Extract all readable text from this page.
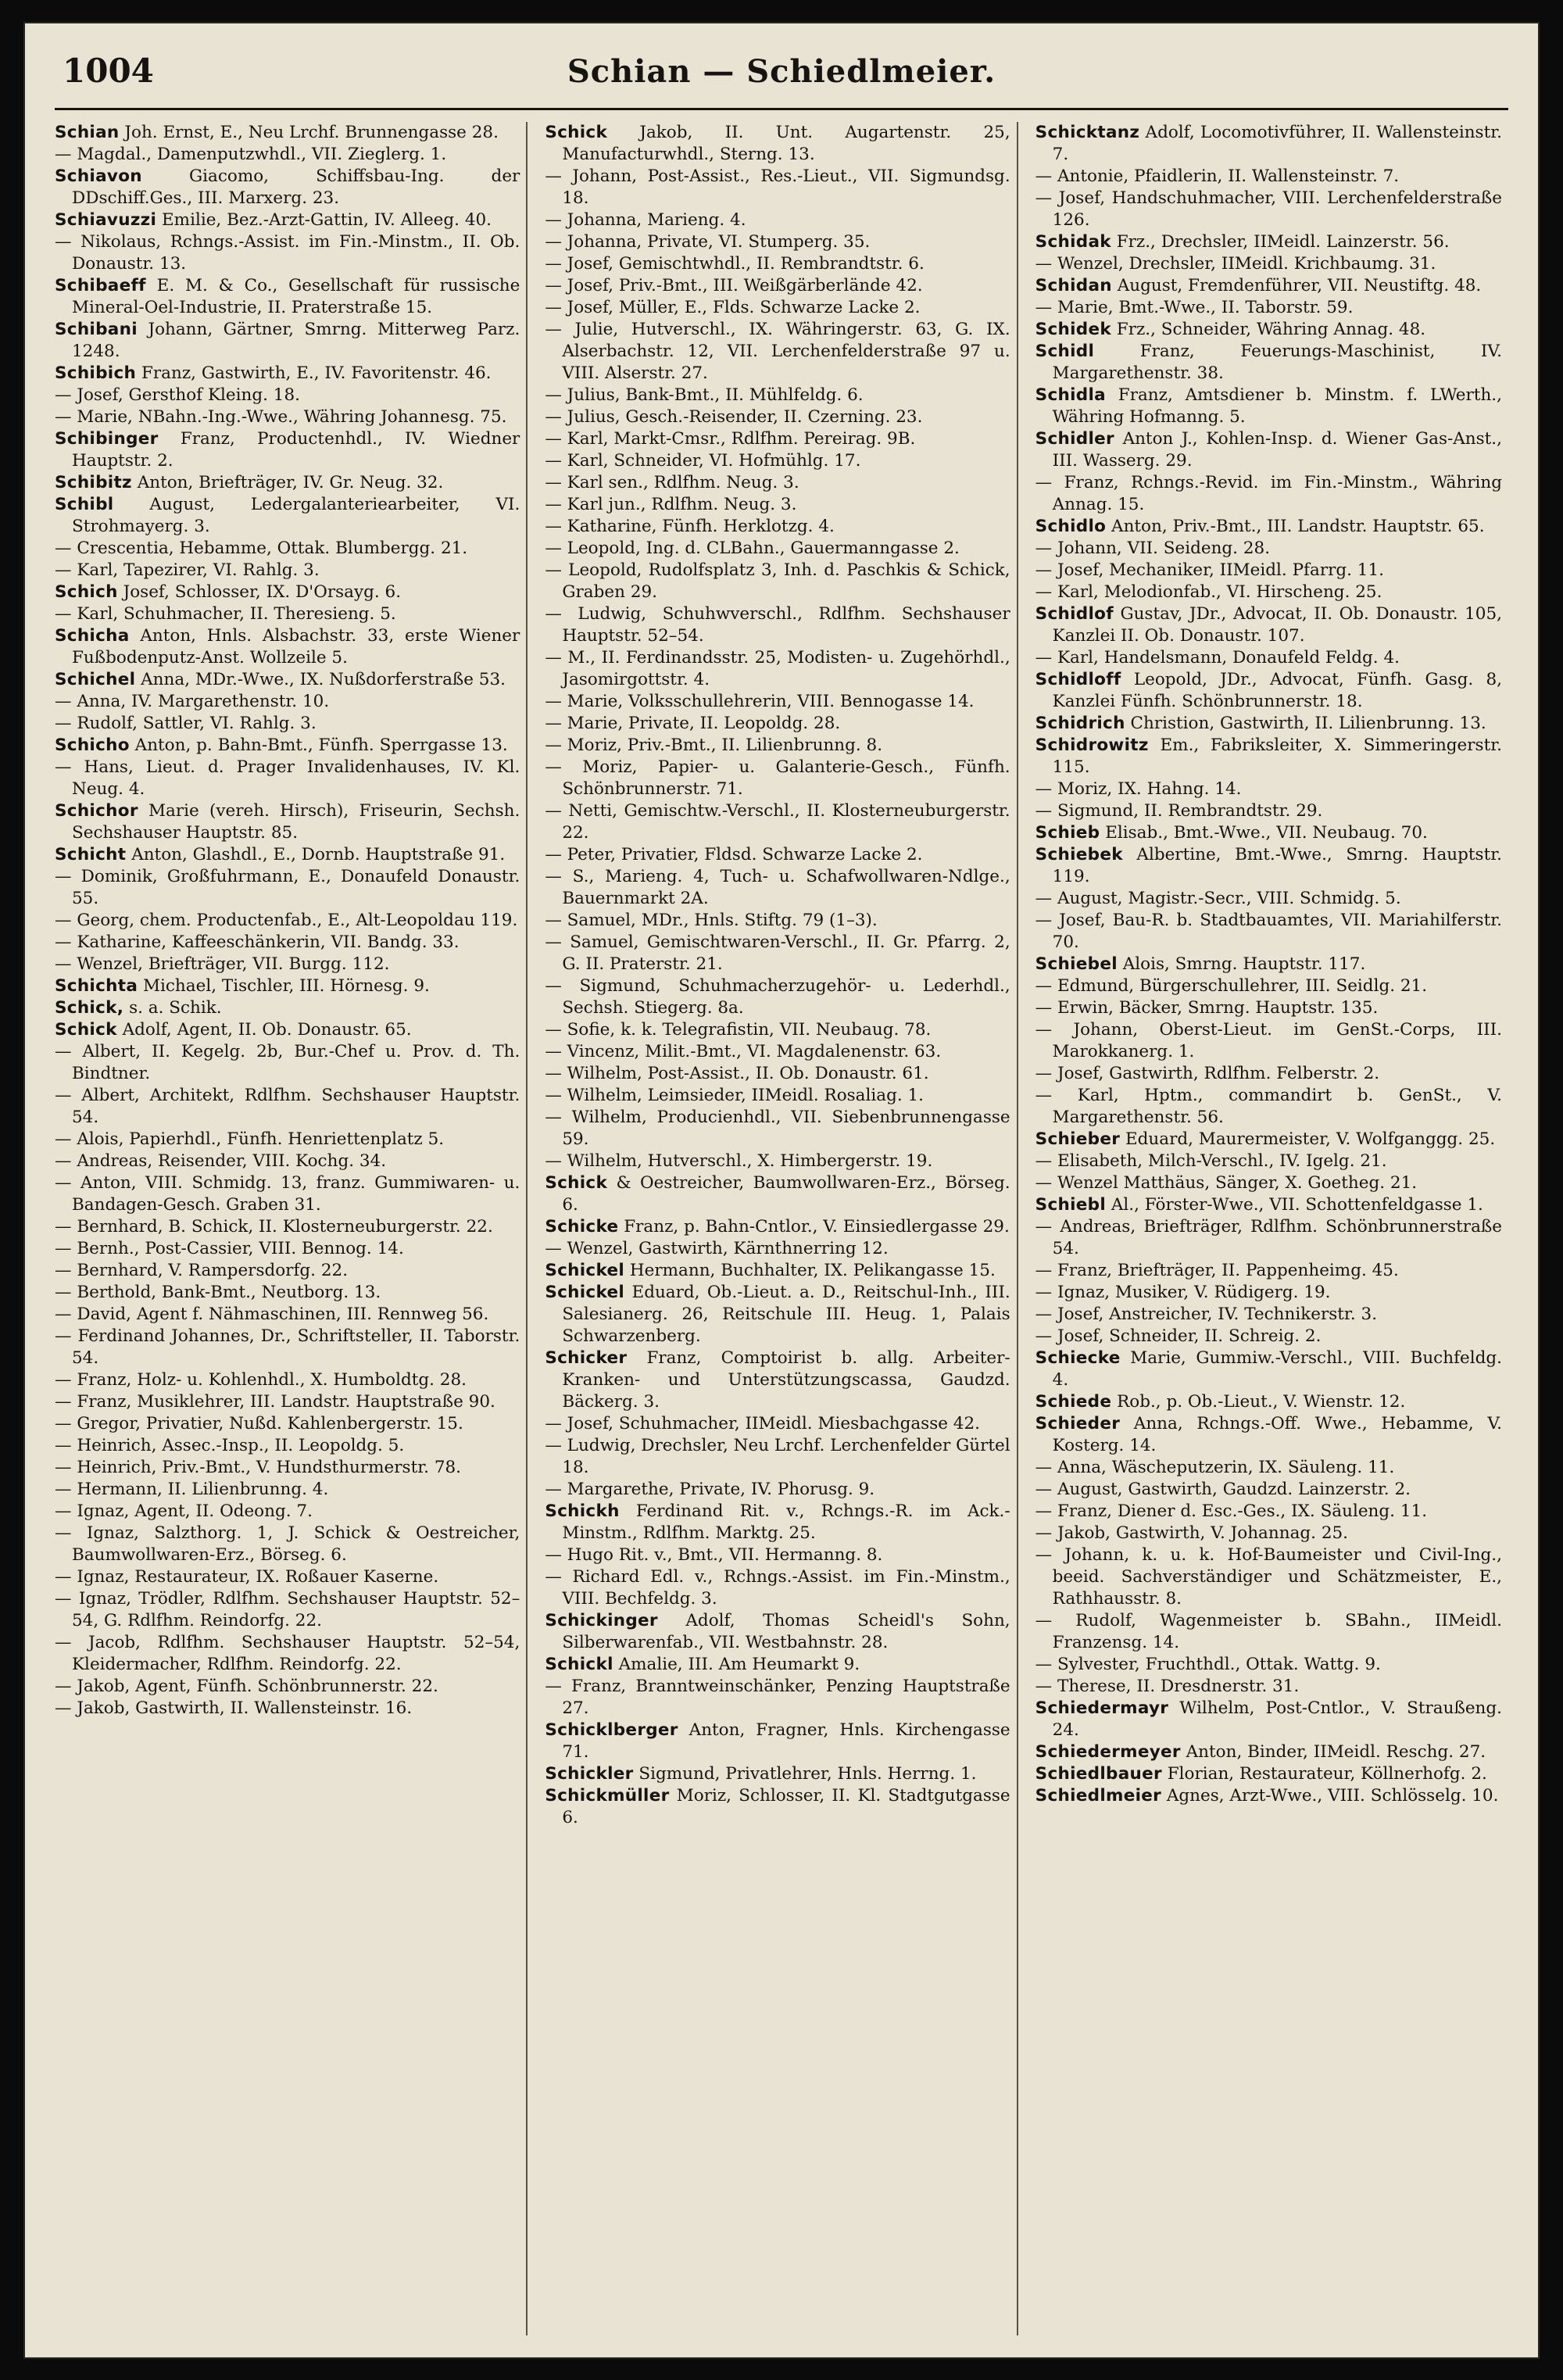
1004	Schian — Schiedlmeier.

Schian Joh. Ernst, E., Neu Lrchf. Brunnengasse 28.

— Magdal., Damenputzwhdl., VII. Zieglerg. 1.

Schiavon	Giacomo, Schiffsbau-Ing. der DDschiff.Ges., III. Marxerg. 23.

Schiavuzzi Emilie, Bez.-Arzt-Gattin, IV. Alleeg. 40.

— Nikolaus, Rchngs.-Assist. im Fin.-Minstm., II. Ob. Donaustr. 13.

Schibaeff E. M. & Co., Gesellschaft für russische Mineral-Oel-Industrie, II. Praterstraße 15.

Schibani Johann, Gärtner, Smrng. Mitterweg Parz. 1248.

Schibich Franz, Gastwirth, E., IV. Favoritenstr. 46.

— Josef, Gersthof Kleing. 18.

— Marie, NBahn.-Ing.-Wwe., Währing Johannesg. 75.

Schibinger Franz, Productenhdl., IV. Wiedner Hauptstr. 2.

Schibitz Anton, Briefträger, IV. Gr. Neug. 32.

Schibl August, Ledergalanteriearbeiter, VI. Strohmayerg. 3.

— Crescentia, Hebamme, Ottak. Blumbergg. 21.

— Karl, Tapezirer, VI. Rahlg. 3.

Schich Josef, Schlosser, IX. D'Orsayg. 6.

— Karl, Schuhmacher, II. Theresieng. 5.

Schicha Anton, Hnls. Alsbachstr. 33, erste Wiener Fußbodenputz-Anst. Wollzeile 5.

Schichel Anna, MDr.-Wwe., IX. Nußdorferstraße 53.

— Anna, IV. Margarethenstr. 10.

— Rudolf, Sattler, VI. Rahlg. 3.

Schicho Anton, p. Bahn-Bmt., Fünfh. Sperrgasse 13.

— Hans, Lieut. d. Prager Invalidenhauses, IV. Kl. Neug. 4.

Schichor Marie (vereh. Hirsch), Friseurin, Sechsh. Sechshauser Hauptstr. 85.

Schicht Anton, Glashdl., E., Dornb. Hauptstraße 91.

— Dominik, Großfuhrmann, E., Donaufeld Donaustr. 55.

— Georg, chem. Productenfab., E., Alt-Leopoldau 119.

— Katharine, Kaffeeschänkerin, VII. Bandg. 33.

— Wenzel, Briefträger, VII. Burgg. 112.

Schichta Michael, Tischler, III. Hörnesg. 9.

Schick, s. a. Schik.

Schick Adolf, Agent, II. Ob. Donaustr. 65.

— Albert, II. Kegelg. 2b, Bur.-Chef u. Prov. d. Th. Bindtner.

— Albert, Architekt, Rdlfhm. Sechshauser Hauptstr. 54.

— Alois, Papierhdl., Fünfh. Henriettenplatz 5.

— Andreas, Reisender, VIII. Kochg. 34.

— Anton, VIII. Schmidg. 13, franz. Gummiwaren- u. Bandagen-Gesch. Graben 31.

— Bernhard, B. Schick, II. Klosterneuburgerstr. 22.

— Bernh., Post-Cassier, VIII. Bennog. 14.

— Bernhard, V. Rampersdorfg. 22.

— Berthold, Bank-Bmt., Neutborg. 13.

— David, Agent f. Nähmaschinen, III. Rennweg 56.

— Ferdinand Johannes, Dr., Schriftsteller, II. Taborstr. 54.

— Franz, Holz- u. Kohlenhdl., X. Humboldtg. 28.

— Franz, Musiklehrer, III. Landstr. Hauptstraße 90.

— Gregor, Privatier, Nußd. Kahlenbergerstr. 15.

— Heinrich, Assec.-Insp., II. Leopoldg. 5.

— Heinrich, Priv.-Bmt., V. Hundsthurmerstr. 78.

— Hermann, II. Lilienbrunng. 4.

— Ignaz, Agent, II. Odeong. 7.

— Ignaz, Salzthorg. 1, J. Schick & Oestreicher, Baumwollwaren-Erz., Börseg. 6.

— Ignaz, Restaurateur, IX. Roßauer Kaserne.

— Ignaz, Trödler, Rdlfhm. Sechshauser Hauptstr. 52–54, G. Rdlfhm. Reindorfg. 22.

— Jacob, Rdlfhm. Sechshauser Hauptstr. 52–54, Kleidermacher, Rdlfhm. Reindorfg. 22.

— Jakob, Agent, Fünfh. Schönbrunnerstr. 22.

— Jakob, Gastwirth, II. Wallensteinstr. 16.

Schick Jakob, II. Unt. Augartenstr. 25, Manufacturwhdl., Sterng. 13.

— Johann, Post-Assist., Res.-Lieut., VII. Sigmundsg. 18.

— Johanna, Marieng. 4.

— Johanna, Private, VI. Stumperg. 35.

— Josef, Gemischtwhdl., II. Rembrandtstr. 6.

— Josef, Priv.-Bmt., III. Weißgärberlände 42.

— Josef, Müller, E., Flds. Schwarze Lacke 2.

— Julie, Hutverschl., IX. Währingerstr. 63, G. IX. Alserbachstr. 12, VII. Lerchenfelderstraße 97 u. VIII. Alserstr. 27.

— Julius, Bank-Bmt., II. Mühlfeldg. 6.

— Julius, Gesch.-Reisender, II. Czerning. 23.

— Karl, Markt-Cmsr., Rdlfhm. Pereirag. 9B.

— Karl, Schneider, VI. Hofmühlg. 17.

— Karl sen., Rdlfhm. Neug. 3.

— Karl jun., Rdlfhm. Neug. 3.

— Katharine, Fünfh. Herklotzg. 4.

— Leopold, Ing. d. CLBahn., Gauermanngasse 2.

— Leopold, Rudolfsplatz 3, Inh. d. Paschkis & Schick, Graben 29.

— Ludwig, Schuhwverschl., Rdlfhm. Sechshauser Hauptstr. 52–54.

— M., II. Ferdinandsstr. 25, Modisten- u. Zugehörhdl., Jasomirgottstr. 4.

— Marie, Volksschullehrerin, VIII. Bennogasse 14.

— Marie, Private, II. Leopoldg. 28.

— Moriz, Priv.-Bmt., II. Lilienbrunng. 8.

— Moriz, Papier- u. Galanterie-Gesch., Fünfh. Schönbrunnerstr. 71.

— Netti, Gemischtw.-Verschl., II. Klosterneuburgerstr. 22.

— Peter, Privatier, Fldsd. Schwarze Lacke 2.

— S., Marieng. 4, Tuch- u. Schafwollwaren-Ndlge., Bauernmarkt 2A.

— Samuel, MDr., Hnls. Stiftg. 79 (1–3).

— Samuel, Gemischtwaren-Verschl., II. Gr. Pfarrg. 2, G. II. Praterstr. 21.

— Sigmund, Schuhmacherzugehör- u. Lederhdl., Sechsh. Stiegerg. 8a.

— Sofie, k. k. Telegrafistin, VII. Neubaug. 78.

— Vincenz, Milit.-Bmt., VI. Magdalenenstr. 63.

— Wilhelm, Post-Assist., II. Ob. Donaustr. 61.

— Wilhelm, Leimsieder, IIMeidl. Rosaliag. 1.

— Wilhelm, Producienhdl., VII. Siebenbrunnengasse 59.

— Wilhelm, Hutverschl., X. Himbergerstr. 19.

Schick & Oestreicher, Baumwollwaren-Erz., Börseg. 6.

Schicke Franz, p. Bahn-Cntlor., V. Einsiedlergasse 29.

— Wenzel, Gastwirth, Kärnthnerring 12.

Schickel Hermann, Buchhalter, IX. Pelikangasse 15.

Schickel Eduard, Ob.-Lieut. a. D., Reitschul-Inh., III. Salesianerg. 26, Reitschule III. Heug. 1, Palais Schwarzenberg.

Schicker Franz, Comptoirist b. allg. Arbeiter-Kranken- und Unterstützungscassa, Gaudzd. Bäckerg. 3.

— Josef, Schuhmacher, IIMeidl. Miesbachgasse 42.

— Ludwig, Drechsler, Neu Lrchf. Lerchenfelder Gürtel 18.

— Margarethe, Private, IV. Phorusg. 9.

Schickh Ferdinand Rit. v., Rchngs.-R. im Ack.-Minstm., Rdlfhm. Marktg. 25.

— Hugo Rit. v., Bmt., VII. Hermanng. 8.

— Richard Edl. v., Rchngs.-Assist. im Fin.-Minstm., VIII. Bechfeldg. 3.

Schickinger Adolf, Thomas Scheidl's Sohn, Silberwarenfab., VII. Westbahnstr. 28.

Schickl Amalie, III. Am Heumarkt 9.

— Franz, Branntweinschänker, Penzing Hauptstraße 27.

Schicklberger Anton, Fragner, Hnls. Kirchengasse 71.

Schickler Sigmund, Privatlehrer, Hnls. Herrng. 1.

Schickmüller Moriz, Schlosser, II. Kl. Stadtgutgasse 6.

Schicktanz Adolf, Locomotivführer, II. Wallensteinstr. 7.

— Antonie, Pfaidlerin, II. Wallensteinstr. 7.

— Josef, Handschuhmacher, VIII. Lerchenfelderstraße 126.

Schidak Frz., Drechsler, IIMeidl. Lainzerstr. 56.

— Wenzel, Drechsler, IIMeidl. Krichbaumg. 31.

Schidan August, Fremdenführer, VII. Neustiftg. 48.

— Marie, Bmt.-Wwe., II. Taborstr. 59.

Schidek Frz., Schneider, Währing Annag. 48.

Schidl	Franz, Feuerungs-Maschinist, IV. Margarethenstr. 38.

Schidla Franz, Amtsdiener b. Minstm. f. LWerth., Währing Hofmanng. 5.

Schidler Anton J., Kohlen-Insp. d. Wiener Gas-Anst., III. Wasserg. 29.

— Franz, Rchngs.-Revid. im Fin.-Minstm., Währing Annag. 15.

Schidlo Anton, Priv.-Bmt., III. Landstr. Hauptstr. 65.

— Johann, VII. Seideng. 28.

— Josef, Mechaniker, IIMeidl. Pfarrg. 11.

— Karl, Melodionfab., VI. Hirscheng. 25.

Schidlof Gustav, JDr., Advocat, II. Ob. Donaustr. 105, Kanzlei II. Ob. Donaustr. 107.

— Karl, Handelsmann, Donaufeld Feldg. 4.

Schidloff Leopold, JDr., Advocat, Fünfh. Gasg. 8, Kanzlei Fünfh. Schönbrunnerstr. 18.

Schidrich Christion, Gastwirth, II. Lilienbrunng. 13.

Schidrowitz Em., Fabriksleiter, X. Simmeringerstr. 115.

— Moriz, IX. Hahng. 14.

— Sigmund, II. Rembrandtstr. 29.

Schieb Elisab., Bmt.-Wwe., VII. Neubaug. 70.

Schiebek Albertine, Bmt.-Wwe., Smrng. Hauptstr. 119.

— August, Magistr.-Secr., VIII. Schmidg. 5.

— Josef, Bau-R. b. Stadtbauamtes, VII. Mariahilferstr. 70.

Schiebel Alois, Smrng. Hauptstr. 117.

— Edmund, Bürgerschullehrer, III. Seidlg. 21.

— Erwin, Bäcker, Smrng. Hauptstr. 135.

— Johann, Oberst-Lieut. im GenSt.-Corps, III. Marokkanerg. 1.

— Josef, Gastwirth, Rdlfhm. Felberstr. 2.

— Karl, Hptm., commandirt b. GenSt., V. Margarethenstr. 56.

Schieber Eduard, Maurermeister, V. Wolfganggg. 25.

— Elisabeth, Milch-Verschl., IV. Igelg. 21.

— Wenzel Matthäus, Sänger, X. Goetheg. 21.

Schiebl Al., Förster-Wwe., VII. Schottenfeldgasse 1.

— Andreas, Briefträger, Rdlfhm. Schönbrunnerstraße 54.

— Franz, Briefträger, II. Pappenheimg. 45.

— Ignaz, Musiker, V. Rüdigerg. 19.

— Josef, Anstreicher, IV. Technikerstr. 3.

— Josef, Schneider, II. Schreig. 2.

Schiecke Marie, Gummiw.-Verschl., VIII. Buchfeldg. 4.

Schiede Rob., p. Ob.-Lieut., V. Wienstr. 12.

Schieder Anna, Rchngs.-Off. Wwe., Hebamme, V. Kosterg. 14.

— Anna, Wäscheputzerin, IX. Säuleng. 11.

— August, Gastwirth, Gaudzd. Lainzerstr. 2.

— Franz, Diener d. Esc.-Ges., IX. Säuleng. 11.

— Jakob, Gastwirth, V. Johannag. 25.

— Johann, k. u. k. Hof-Baumeister und Civil-Ing., beeid. Sachverständiger und Schätzmeister, E., Rathhausstr. 8.

— Rudolf, Wagenmeister b. SBahn., IIMeidl. Franzensg. 14.

— Sylvester, Fruchthdl., Ottak. Wattg. 9.

— Therese, II. Dresdnerstr. 31.

Schiedermayr Wilhelm, Post-Cntlor., V. Straußeng. 24.

Schiedermeyer Anton, Binder, IIMeidl. Reschg. 27.

Schiedlbauer Florian, Restaurateur, Köllnerhofg. 2.

Schiedlmeier Agnes, Arzt-Wwe., VIII. Schlösselg. 10.
